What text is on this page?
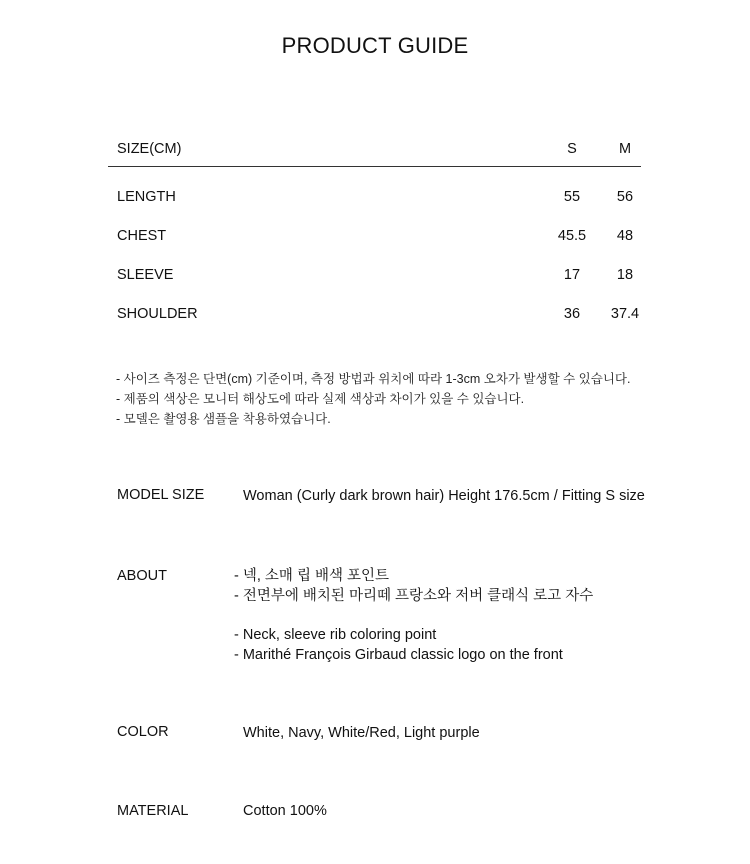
PRODUCT GUIDE
SIZE(CM)	S	M
LENGTH	55	56
CHEST	45.5	48
SLEEVE	17	18
SHOULDER	36	37.4
- 사이즈 측정은 단면(cm) 기준이며, 측정 방법과 위치에 따라 1-3cm 오차가 발생할 수 있습니다.
- 제품의 색상은 모니터 해상도에 따라 실제 색상과 차이가 있을 수 있습니다.
- 모델은 촬영용 샘플을 착용하였습니다.
MODEL SIZE	Woman (Curly dark brown hair) Height 176.5cm / Fitting S size
ABOUT	- 넥, 소매 립 배색 포인트
- 전면부에 배치된 마리떼 프랑소와 저버 클래식 로고 자수
- Neck, sleeve rib coloring point
- Marithé François Girbaud classic logo on the front
COLOR	White, Navy, White/Red, Light purple
MATERIAL	Cotton 100%
